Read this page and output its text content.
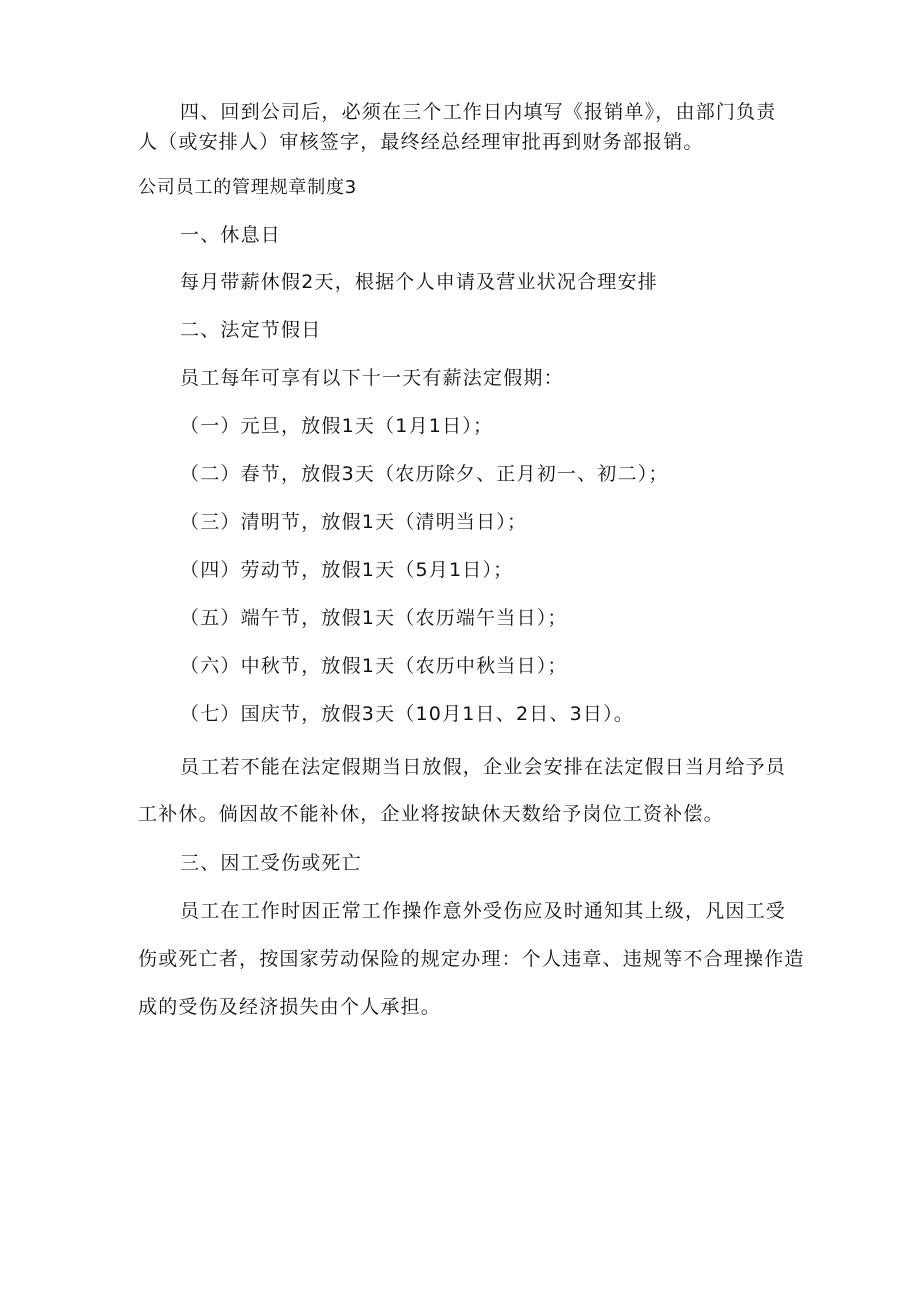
四、回到公司后，必须在三个工作日内填写《报销单》，由部门负责
人（或安排人）审核签字，最终经总经理审批再到财务部报销。
公司员工的管理规章制度3
一、休息日
每月带薪休假2天，根据个人申请及营业状况合理安排
二、法定节假日
员工每年可享有以下十一天有薪法定假期：
（一）元旦，放假1天（1月1日）；
（二）春节，放假3天（农历除夕、正月初一、初二）；
（三）清明节，放假1天（清明当日）；
（四）劳动节，放假1天（5月1日）；
（五）端午节，放假1天（农历端午当日）；
（六）中秋节，放假1天（农历中秋当日）；
（七）国庆节，放假3天（10月1日、2日、3日）。
员工若不能在法定假期当日放假，企业会安排在法定假日当月给予员
工补休。倘因故不能补休，企业将按缺休天数给予岗位工资补偿。
三、因工受伤或死亡
员工在工作时因正常工作操作意外受伤应及时通知其上级，凡因工受
伤或死亡者，按国家劳动保险的规定办理：个人违章、违规等不合理操作造
成的受伤及经济损失由个人承担。
